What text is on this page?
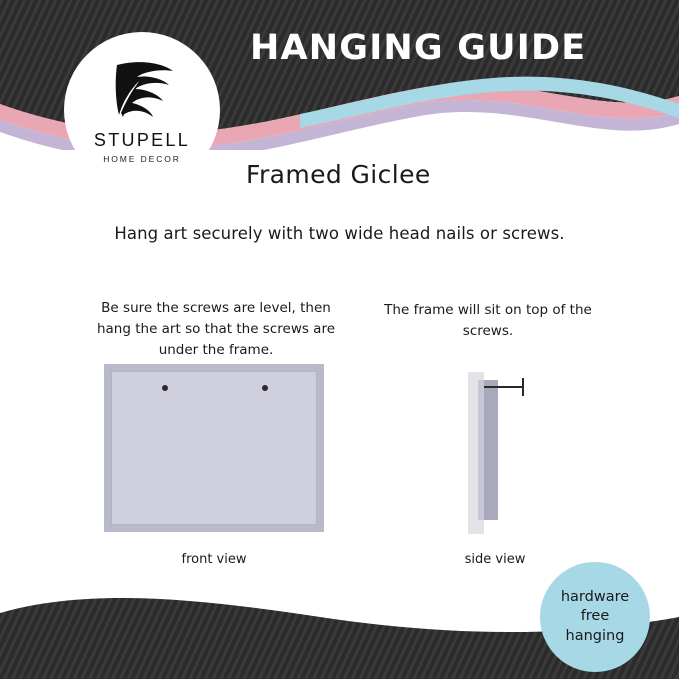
STUPELL
HOME DECOR
HANGING GUIDE
Framed Giclee
Hang art securely with two wide head nails or screws.
Be sure the screws are level, then hang the art so that the screws are under the frame.
front view
The frame will sit on top of the screws.
side view
hardware
free
hanging
